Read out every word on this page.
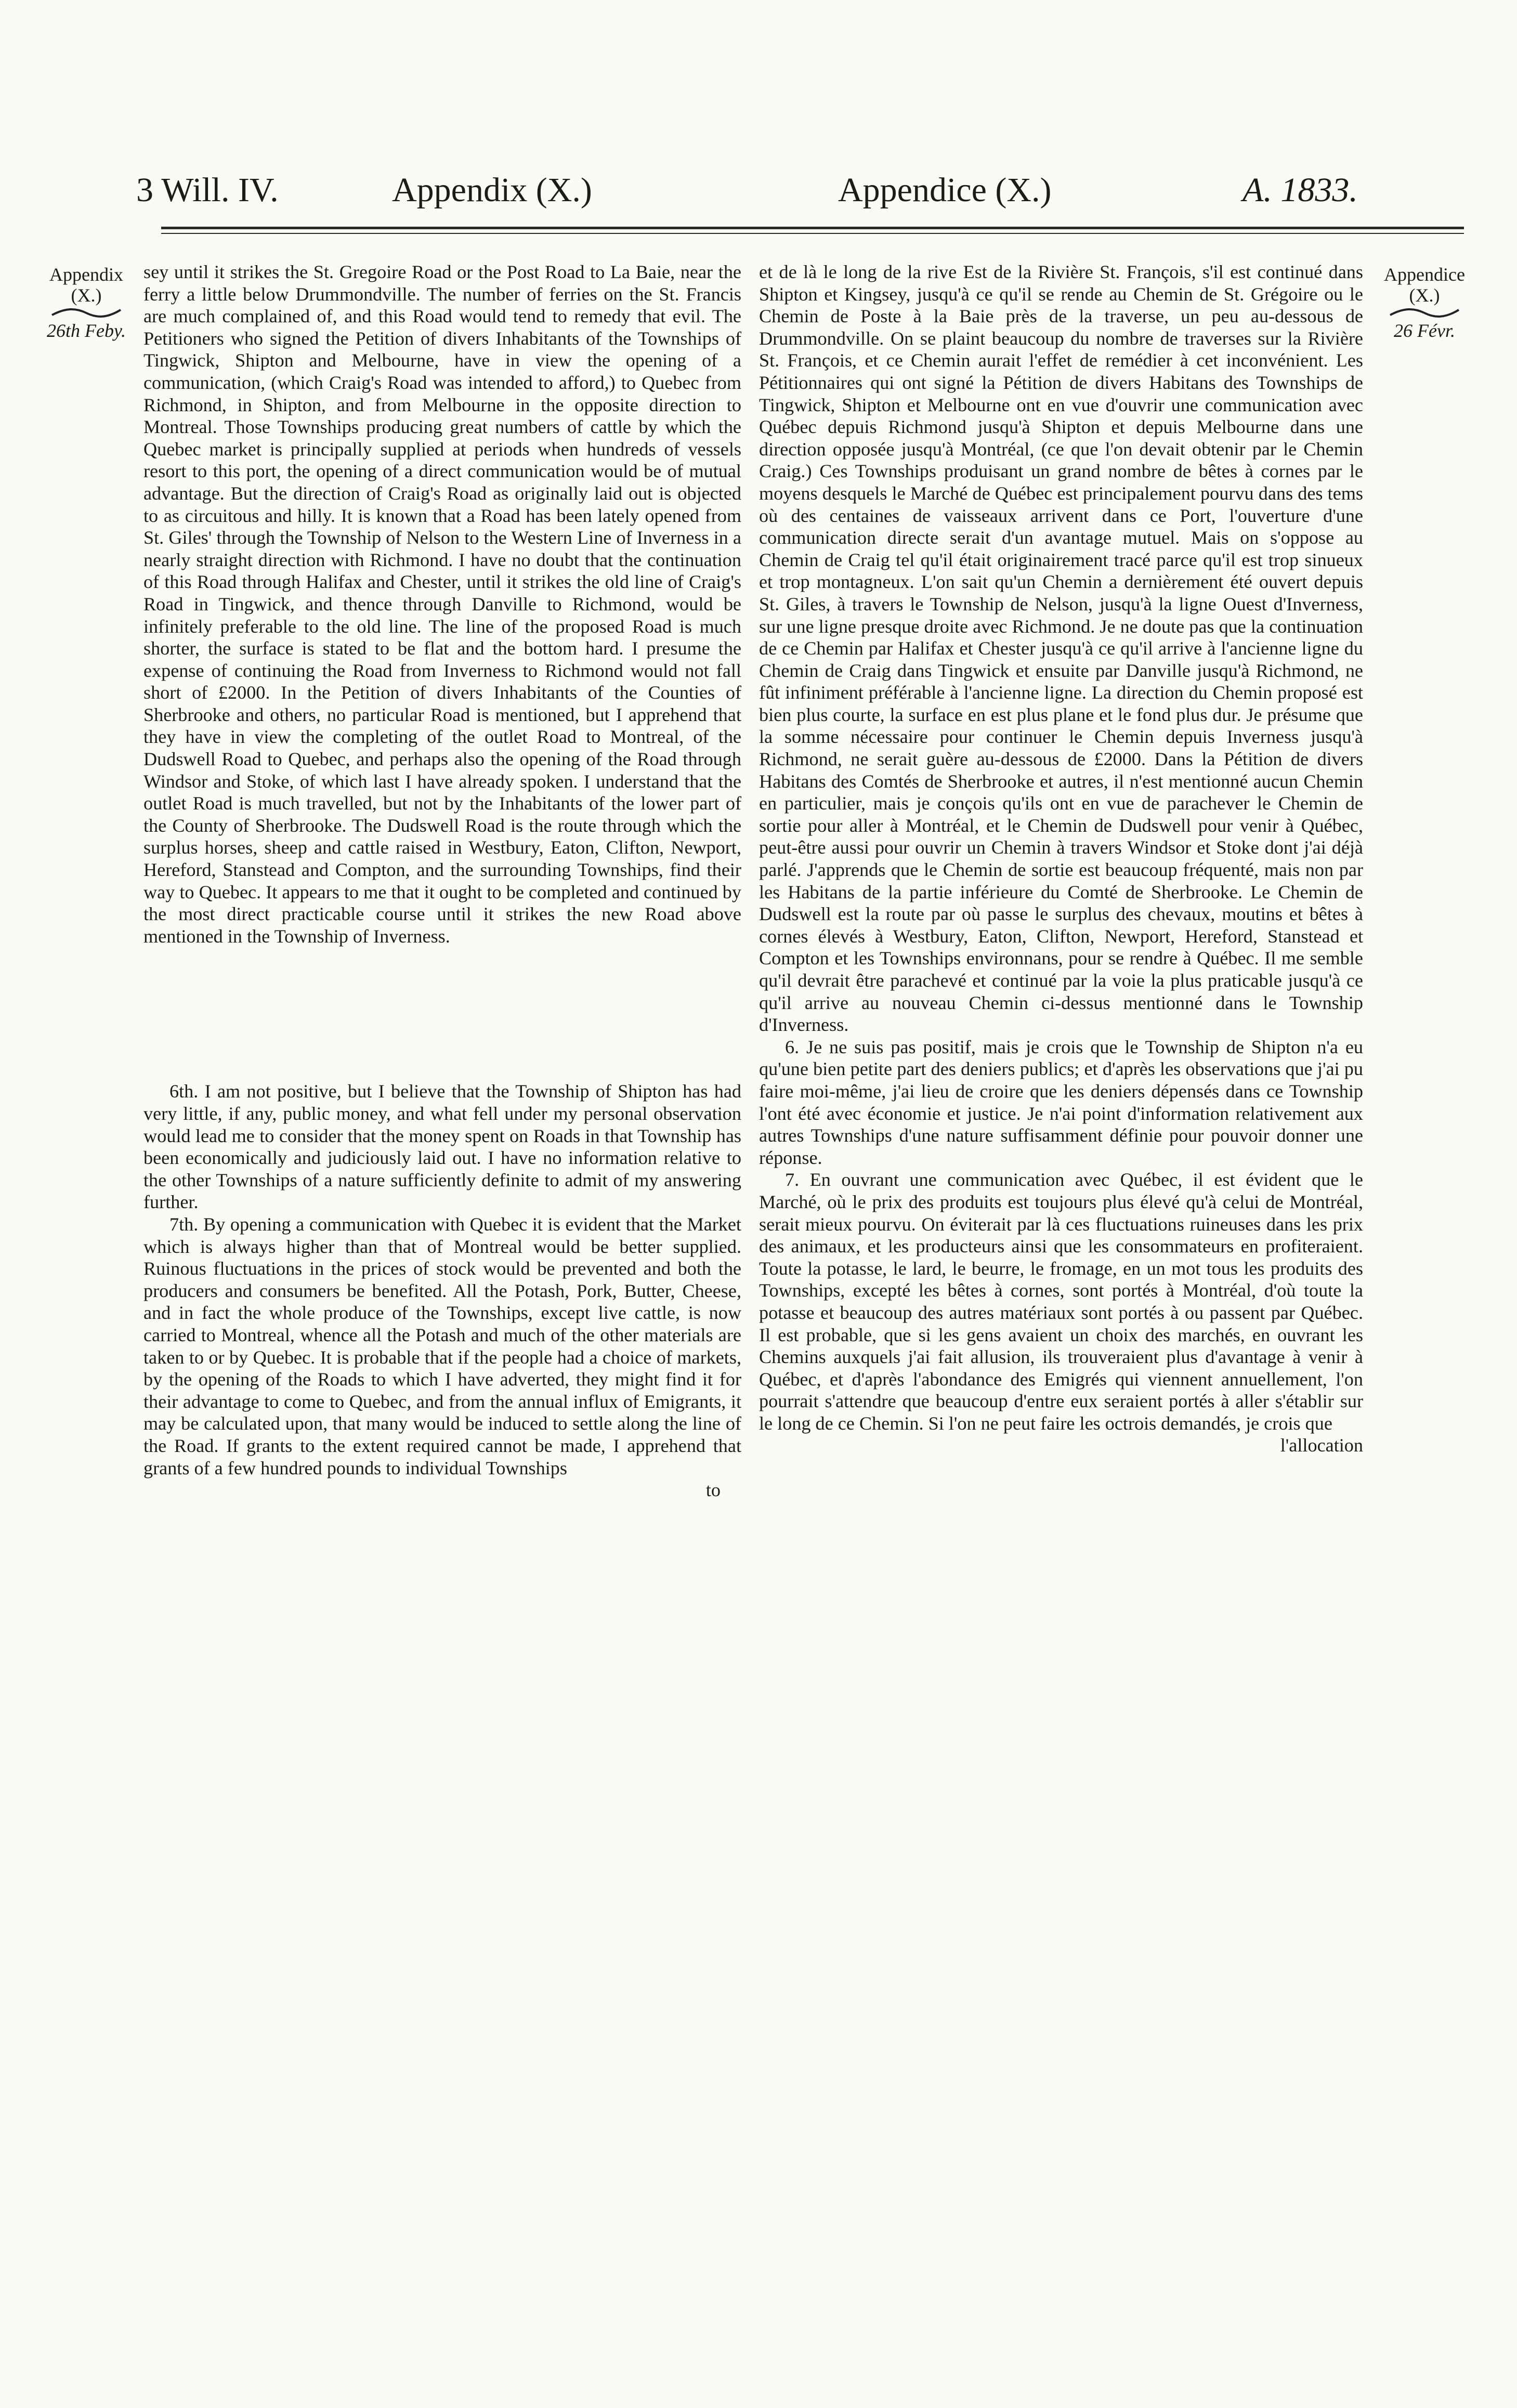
3 Will. IV.	Appendix (X.)	Appendice (X.)	A. 1833.
Appendix
(X.)
26th Feby.
Appendice
(X.)
26 Févr.

sey until it strikes the St. Gregoire Road or the Post Road to La Baie, near the ferry a little below Drummondville. The number of ferries on the St. Francis are much complained of, and this Road would tend to remedy that evil. The Petitioners who signed the Petition of divers Inhabitants of the Townships of Tingwick, Shipton and Melbourne, have in view the opening of a communication, (which Craig's Road was intended to afford,) to Quebec from Richmond, in Shipton, and from Melbourne in the opposite direction to Montreal. Those Townships producing great numbers of cattle by which the Quebec market is principally supplied at periods when hundreds of vessels resort to this port, the opening of a direct communication would be of mutual advantage. But the direction of Craig's Road as originally laid out is objected to as circuitous and hilly. It is known that a Road has been lately opened from St. Giles' through the Township of Nelson to the Western Line of Inverness in a nearly straight direction with Richmond. I have no doubt that the continuation of this Road through Halifax and Chester, until it strikes the old line of Craig's Road in Tingwick, and thence through Danville to Richmond, would be infinitely preferable to the old line. The line of the proposed Road is much shorter, the surface is stated to be flat and the bottom hard. I presume the expense of continuing the Road from Inverness to Richmond would not fall short of £2000. In the Petition of divers Inhabitants of the Counties of Sherbrooke and others, no particular Road is mentioned, but I apprehend that they have in view the completing of the outlet Road to Montreal, of the Dudswell Road to Quebec, and perhaps also the opening of the Road through Windsor and Stoke, of which last I have already spoken. I understand that the outlet Road is much travelled, but not by the Inhabitants of the lower part of the County of Sherbrooke. The Dudswell Road is the route through which the surplus horses, sheep and cattle raised in Westbury, Eaton, Clifton, Newport, Hereford, Stanstead and Compton, and the surrounding Townships, find their way to Quebec. It appears to me that it ought to be completed and continued by the most direct practicable course until it strikes the new Road above mentioned in the Township of Inverness.

6th. I am not positive, but I believe that the Township of Shipton has had very little, if any, public money, and what fell under my personal observation would lead me to consider that the money spent on Roads in that Township has been economically and judiciously laid out. I have no information relative to the other Townships of a nature sufficiently definite to admit of my answering further.

7th. By opening a communication with Quebec it is evident that the Market which is always higher than that of Montreal would be better supplied. Ruinous fluctuations in the prices of stock would be prevented and both the producers and consumers be benefited. All the Potash, Pork, Butter, Cheese, and in fact the whole produce of the Townships, except live cattle, is now carried to Montreal, whence all the Potash and much of the other materials are taken to or by Quebec. It is probable that if the people had a choice of markets, by the opening of the Roads to which I have adverted, they might find it for their advantage to come to Quebec, and from the annual influx of Emigrants, it may be calculated upon, that many would be induced to settle along the line of the Road. If grants to the extent required cannot be made, I apprehend that grants of a few hundred pounds to individual Townships

to

et de là le long de la rive Est de la Rivière St. François, s'il est continué dans Shipton et Kingsey, jusqu'à ce qu'il se rende au Chemin de St. Grégoire ou le Chemin de Poste à la Baie près de la traverse, un peu au-dessous de Drummondville. On se plaint beaucoup du nombre de traverses sur la Rivière St. François, et ce Chemin aurait l'effet de remédier à cet inconvénient. Les Pétitionnaires qui ont signé la Pétition de divers Habitans des Townships de Tingwick, Shipton et Melbourne ont en vue d'ouvrir une communication avec Québec depuis Richmond jusqu'à Shipton et depuis Melbourne dans une direction opposée jusqu'à Montréal, (ce que l'on devait obtenir par le Chemin Craig.) Ces Townships produisant un grand nombre de bêtes à cornes par le moyens desquels le Marché de Québec est principalement pourvu dans des tems où des centaines de vaisseaux arrivent dans ce Port, l'ouverture d'une communication directe serait d'un avantage mutuel. Mais on s'oppose au Chemin de Craig tel qu'il était originairement tracé parce qu'il est trop sinueux et trop montagneux. L'on sait qu'un Chemin a dernièrement été ouvert depuis St. Giles, à travers le Township de Nelson, jusqu'à la ligne Ouest d'Inverness, sur une ligne presque droite avec Richmond. Je ne doute pas que la continuation de ce Chemin par Halifax et Chester jusqu'à ce qu'il arrive à l'ancienne ligne du Chemin de Craig dans Tingwick et ensuite par Danville jusqu'à Richmond, ne fût infiniment préférable à l'ancienne ligne. La direction du Chemin proposé est bien plus courte, la surface en est plus plane et le fond plus dur. Je présume que la somme nécessaire pour continuer le Chemin depuis Inverness jusqu'à Richmond, ne serait guère au-dessous de £2000. Dans la Pétition de divers Habitans des Comtés de Sherbrooke et autres, il n'est mentionné aucun Chemin en particulier, mais je conçois qu'ils ont en vue de parachever le Chemin de sortie pour aller à Montréal, et le Chemin de Dudswell pour venir à Québec, peut-être aussi pour ouvrir un Chemin à travers Windsor et Stoke dont j'ai déjà parlé. J'apprends que le Chemin de sortie est beaucoup fréquenté, mais non par les Habitans de la partie inférieure du Comté de Sherbrooke. Le Chemin de Dudswell est la route par où passe le surplus des chevaux, moutins et bêtes à cornes élevés à Westbury, Eaton, Clifton, Newport, Hereford, Stanstead et Compton et les Townships environnans, pour se rendre à Québec. Il me semble qu'il devrait être parachevé et continué par la voie la plus praticable jusqu'à ce qu'il arrive au nouveau Chemin ci-dessus mentionné dans le Township d'Inverness.

6. Je ne suis pas positif, mais je crois que le Township de Shipton n'a eu qu'une bien petite part des deniers publics; et d'après les observations que j'ai pu faire moi-même, j'ai lieu de croire que les deniers dépensés dans ce Township l'ont été avec économie et justice. Je n'ai point d'information relativement aux autres Townships d'une nature suffisamment définie pour pouvoir donner une réponse.

7. En ouvrant une communication avec Québec, il est évident que le Marché, où le prix des produits est toujours plus élevé qu'à celui de Montréal, serait mieux pourvu. On éviterait par là ces fluctuations ruineuses dans les prix des animaux, et les producteurs ainsi que les consommateurs en profiteraient. Toute la potasse, le lard, le beurre, le fromage, en un mot tous les produits des Townships, excepté les bêtes à cornes, sont portés à Montréal, d'où toute la potasse et beaucoup des autres matériaux sont portés à ou passent par Québec. Il est probable, que si les gens avaient un choix des marchés, en ouvrant les Chemins auxquels j'ai fait allusion, ils trouveraient plus d'avantage à venir à Québec, et d'après l'abondance des Emigrés qui viennent annuellement, l'on pourrait s'attendre que beaucoup d'entre eux seraient portés à aller s'établir sur le long de ce Chemin. Si l'on ne peut faire les octrois demandés, je crois que

l'allocation
